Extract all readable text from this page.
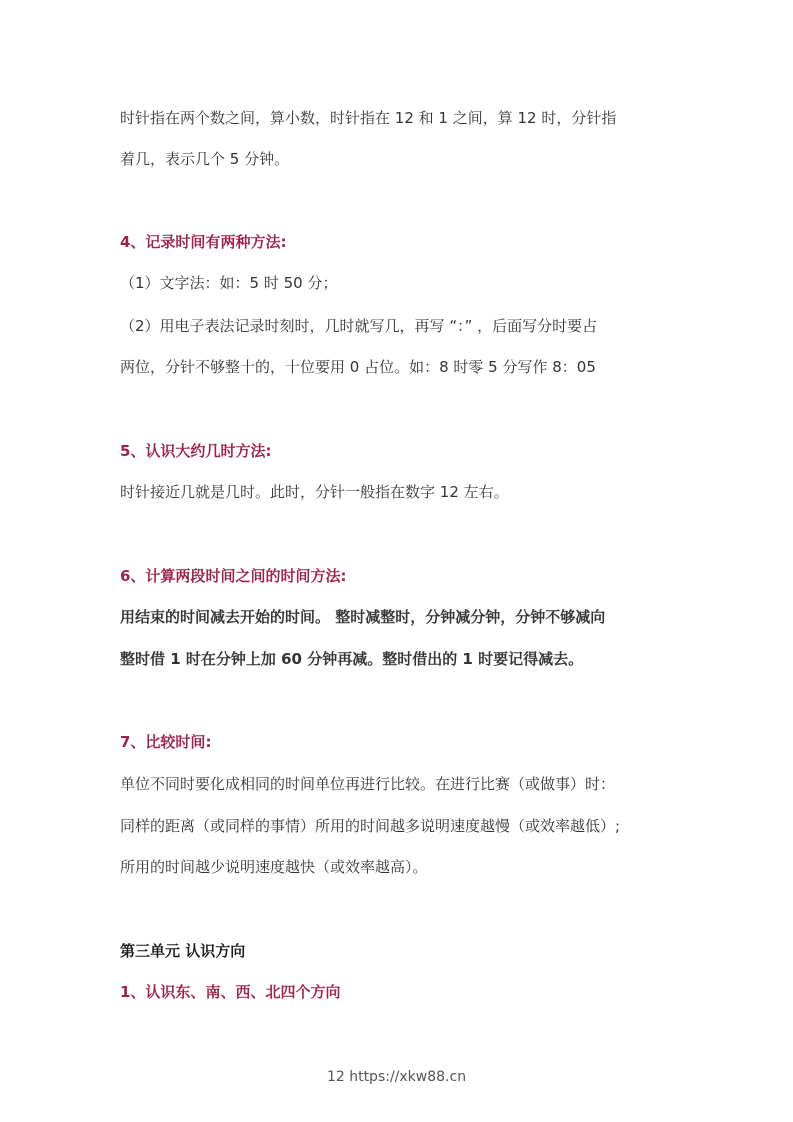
时针指在两个数之间，算小数，时针指在 12 和 1 之间，算 12 时，分针指
着几，表示几个 5 分钟。
4、记录时间有两种方法:
（1）文字法：如：5 时 50 分；
（2）用电子表法记录时刻时，几时就写几，再写 “：” ，后面写分时要占
两位，分针不够整十的，十位要用 0 占位。如：8 时零 5 分写作 8：05
5、认识大约几时方法:
时针接近几就是几时。此时，分针一般指在数字 12 左右。
6、计算两段时间之间的时间方法:
用结束的时间减去开始的时间。 整时减整时，分钟减分钟，分钟不够减向
整时借 1 时在分钟上加 60 分钟再减。整时借出的 1 时要记得减去。
7、比较时间:
单位不同时要化成相同的时间单位再进行比较。在进行比赛（或做事）时：
同样的距离（或同样的事情）所用的时间越多说明速度越慢（或效率越低）;
所用的时间越少说明速度越快（或效率越高）。
第三单元 认识方向
1、认识东、南、西、北四个方向
12 https://xkw88.cn
